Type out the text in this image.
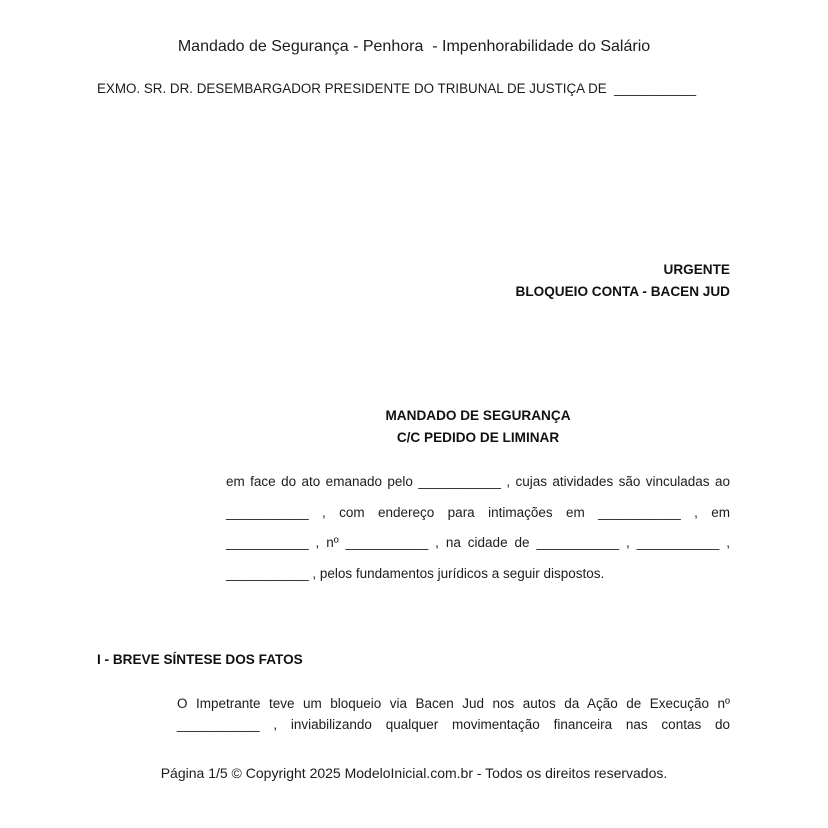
Mandado de Segurança - Penhora  - Impenhorabilidade do Salário
EXMO. SR. DR. DESEMBARGADOR PRESIDENTE DO TRIBUNAL DE JUSTIÇA DE  ___________
URGENTE
BLOQUEIO CONTA - BACEN JUD
MANDADO DE SEGURANÇA
C/C PEDIDO DE LIMINAR
em face do ato emanado pelo ___________ , cujas atividades são vinculadas ao
___________ , com endereço para intimações em ___________ , em
___________ , nº ___________ , na cidade de ___________ , ___________ ,
___________ , pelos fundamentos jurídicos a seguir dispostos.
I - BREVE SÍNTESE DOS FATOS
O Impetrante teve um bloqueio via Bacen Jud nos autos da Ação de Execução nº
___________ , inviabilizando qualquer movimentação financeira nas contas do
Página 1/5 © Copyright 2025 ModeloInicial.com.br - Todos os direitos reservados.
